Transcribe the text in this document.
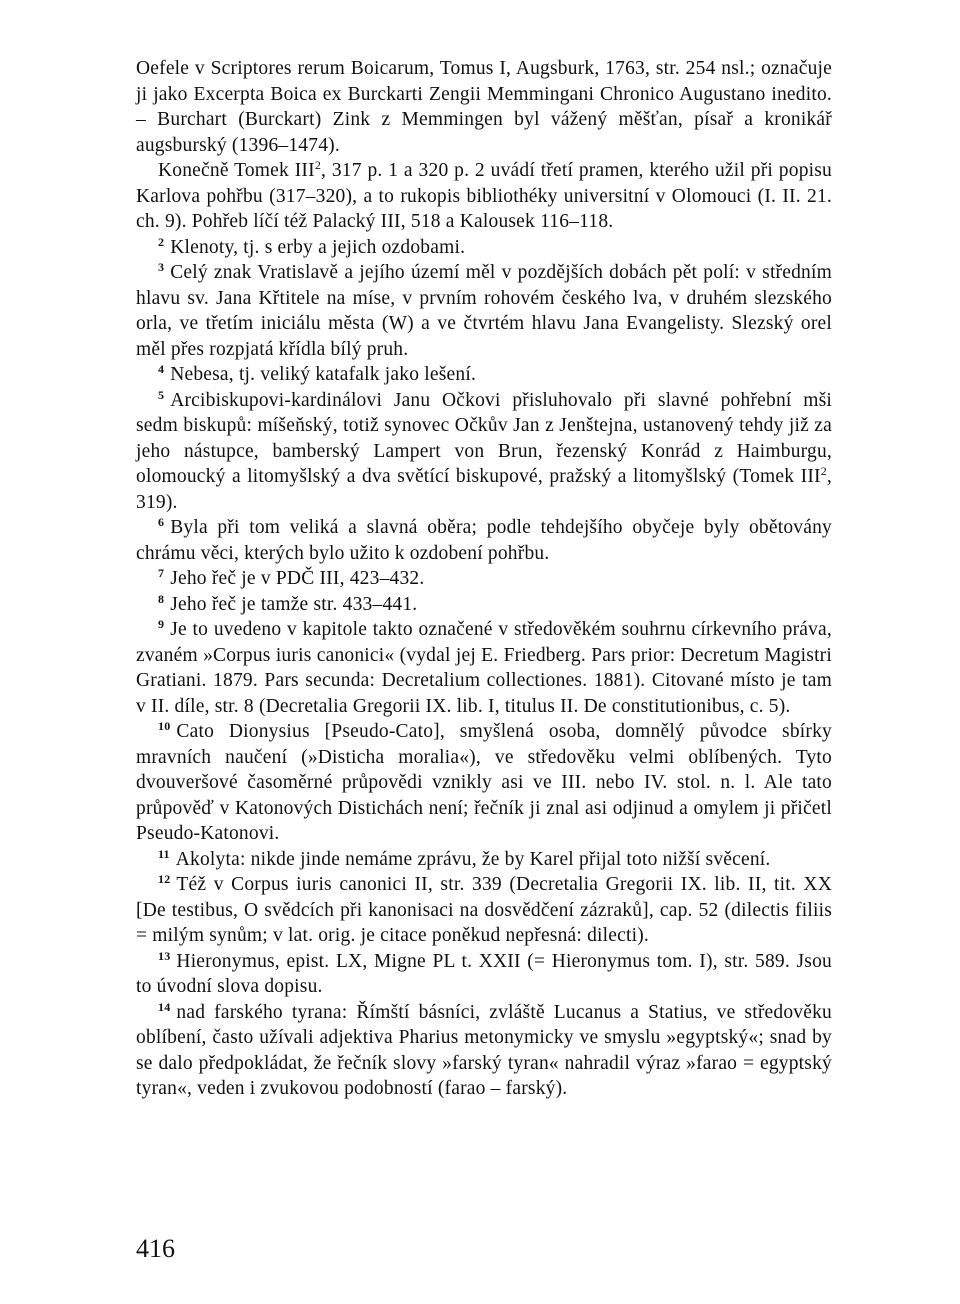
Oefele v Scriptores rerum Boicarum, Tomus I, Augsburk, 1763, str. 254 nsl.; označuje ji jako Excerpta Boica ex Burckarti Zengii Memmingani Chronico Augustano inedito. – Burchart (Burckart) Zink z Memmingen byl vážený měšťan, písař a kronikář augsburský (1396–1474).

Konečně Tomek III$^2$, 317 p. 1 a 320 p. 2 uvádí třetí pramen, kterého užil při popisu Karlova pohřbu (317–320), a to rukopis bibliothéky universitní v Olomouci (I. II. 21. ch. 9). Pohřeb líčí též Palacký III, 518 a Kalousek 116–118.

$^2$ Klenoty, tj. s erby a jejich ozdobami.

$^3$ Celý znak Vratislavě a jejího území měl v pozdějších dobách pět polí: v středním hlavu sv. Jana Křtitele na míse, v prvním rohovém českého lva, v druhém slezského orla, ve třetím iniciálu města (W) a ve čtvrtém hlavu Jana Evangelisty. Slezský orel měl přes rozpjatá křídla bílý pruh.

$^4$ Nebesa, tj. veliký katafalk jako lešení.

$^5$ Arcibiskupovi-kardinálovi Janu Očkovi přisluhovalo při slavné pohřební mši sedm biskupů: míšeňský, totiž synovec Očkův Jan z Jenštejna, ustanovený tehdy již za jeho nástupce, bamberský Lampert von Brun, řezenský Konrád z Haimburgu, olomoucký a litomyšlský a dva světící biskupové, pražský a litomyšlský (Tomek III$^2$, 319).

$^6$ Byla při tom veliká a slavná oběra; podle tehdejšího obyčeje byly obětovány chrámu věci, kterých bylo užito k ozdobení pohřbu.

$^7$ Jeho řeč je v PDČ III, 423–432.

$^8$ Jeho řeč je tamže str. 433–441.

$^9$ Je to uvedeno v kapitole takto označené v středověkém souhrnu církevního práva, zvaném »Corpus iuris canonici« (vydal jej E. Friedberg. Pars prior: Decretum Magistri Gratiani. 1879. Pars secunda: Decretalium collectiones. 1881). Citované místo je tam v II. díle, str. 8 (Decretalia Gregorii IX. lib. I, titulus II. De constitutionibus, c. 5).

$^{10}$ Cato Dionysius [Pseudo-Cato], smyšlená osoba, domnělý původce sbírky mravních naučení (»Disticha moralia«), ve středověku velmi oblíbených. Tyto dvouveršové časoměrné průpovědi vznikly asi ve III. nebo IV. stol. n. l. Ale tato průpověď v Katonových Distichách není; řečník ji znal asi odjinud a omylem ji přičetl Pseudo-Katonovi.

$^{11}$ Akolyta: nikde jinde nemáme zprávu, že by Karel přijal toto nižší svěcení.

$^{12}$ Též v Corpus iuris canonici II, str. 339 (Decretalia Gregorii IX. lib. II, tit. XX [De testibus, O svědcích při kanonisaci na dosvědčení zázraků], cap. 52 (dilectis filiis = milým synům; v lat. orig. je citace poněkud nepřesná: dilecti).

$^{13}$ Hieronymus, epist. LX, Migne PL t. XXII (= Hieronymus tom. I), str. 589. Jsou to úvodní slova dopisu.

$^{14}$ nad farského tyrana: Římští básníci, zvláště Lucanus a Statius, ve středověku oblíbení, často užívali adjektiva Pharius metonymicky ve smyslu »egyptský«; snad by se dalo předpokládat, že řečník slovy »farský tyran« nahradil výraz »farao = egyptský tyran«, veden i zvukovou podobností (farao – farský).

416
